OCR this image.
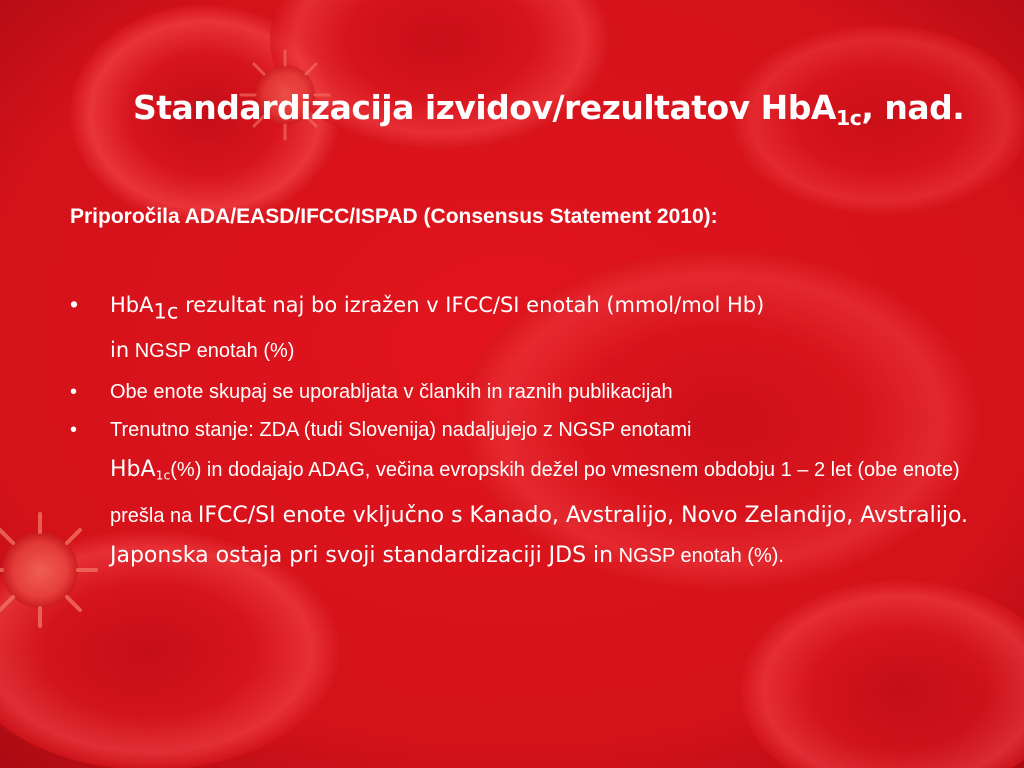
Standardizacija izvidov/rezultatov HbA$_{1c}$, nad.
Priporočila ADA/EASD/IFCC/ISPAD (Consensus Statement 2010):
• HbA$_{1c}$ rezultat naj bo izražen v IFCC/SI enotah (mmol/mol Hb)
in NGSP enotah (%)
• Obe enote skupaj se uporabljata v člankih in raznih publikacijah
• Trenutno stanje: ZDA (tudi Slovenija) nadaljujejo z NGSP enotami
HbA$_{1c}$(%) in dodajajo ADAG, večina evropskih dežel po vmesnem obdobju 1 – 2 let (obe enote) prešla na IFCC/SI enote vključno s Kanado, Avstralijo, Novo Zelandijo, Avstralijo. Japonska ostaja pri svoji standardizaciji JDS in NGSP enotah (%).
